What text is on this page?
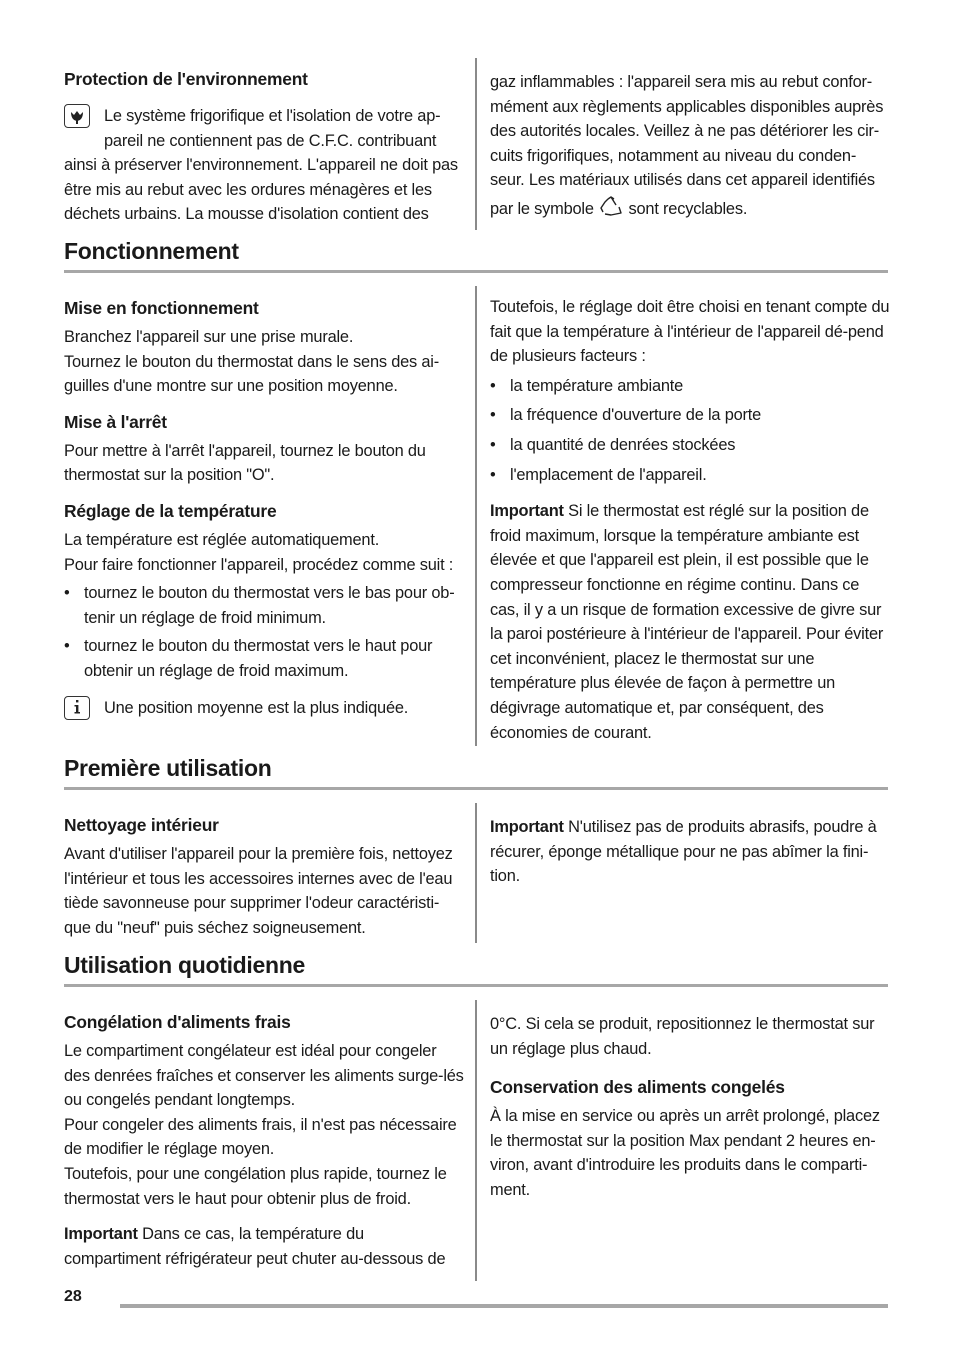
Protection de l'environnement

Le système frigorifique et l'isolation de votre ap-

pareil ne contiennent pas de C.F.C. contribuant

ainsi à préserver l'environnement. L'appareil ne doit pas être mis au rebut avec les ordures ménagères et les déchets urbains. La mousse d'isolation contient des

gaz inflammables : l'appareil sera mis au rebut confor-mément aux règlements applicables disponibles auprès des autorités locales. Veillez à ne pas détériorer les cir-cuits frigorifiques, notamment au niveau du conden-seur. Les matériaux utilisés dans cet appareil identifiés

par le symbole sont recyclables.

Fonctionnement
Mise en fonctionnement

Branchez l'appareil sur une prise murale.

Tournez le bouton du thermostat dans le sens des ai-guilles d'une montre sur une position moyenne.

Mise à l'arrêt

Pour mettre à l'arrêt l'appareil, tournez le bouton du thermostat sur la position "O".

Réglage de la température

La température est réglée automatiquement.

Pour faire fonctionner l'appareil, procédez comme suit :

• tournez le bouton du thermostat vers le bas pour ob-tenir un réglage de froid minimum.
• tournez le bouton du thermostat vers le haut pour obtenir un réglage de froid maximum.

Une position moyenne est la plus indiquée.

Toutefois, le réglage doit être choisi en tenant compte du fait que la température à l'intérieur de l'appareil dé-pend de plusieurs facteurs :

• la température ambiante
• la fréquence d'ouverture de la porte
• la quantité de denrées stockées
• l'emplacement de l'appareil.

Important Si le thermostat est réglé sur la position de froid maximum, lorsque la température ambiante est élevée et que l'appareil est plein, il est possible que le compresseur fonctionne en régime continu. Dans ce cas, il y a un risque de formation excessive de givre sur la paroi postérieure à l'intérieur de l'appareil. Pour éviter cet inconvénient, placez le thermostat sur une température plus élevée de façon à permettre un dégivrage automatique et, par conséquent, des économies de courant.

Première utilisation
Nettoyage intérieur

Avant d'utiliser l'appareil pour la première fois, nettoyez l'intérieur et tous les accessoires internes avec de l'eau tiède savonneuse pour supprimer l'odeur caractéristi-que du "neuf" puis séchez soigneusement.

Important N'utilisez pas de produits abrasifs, poudre à récurer, éponge métallique pour ne pas abîmer la fini-tion.

Utilisation quotidienne
Congélation d'aliments frais

Le compartiment congélateur est idéal pour congeler des denrées fraîches et conserver les aliments surge-lés ou congelés pendant longtemps.

Pour congeler des aliments frais, il n'est pas nécessaire de modifier le réglage moyen.

Toutefois, pour une congélation plus rapide, tournez le thermostat vers le haut pour obtenir plus de froid.

Important Dans ce cas, la température du compartiment réfrigérateur peut chuter au-dessous de

0°C. Si cela se produit, repositionnez le thermostat sur un réglage plus chaud.

Conservation des aliments congelés

À la mise en service ou après un arrêt prolongé, placez le thermostat sur la position Max pendant 2 heures en-viron, avant d'introduire les produits dans le comparti-ment.

28
